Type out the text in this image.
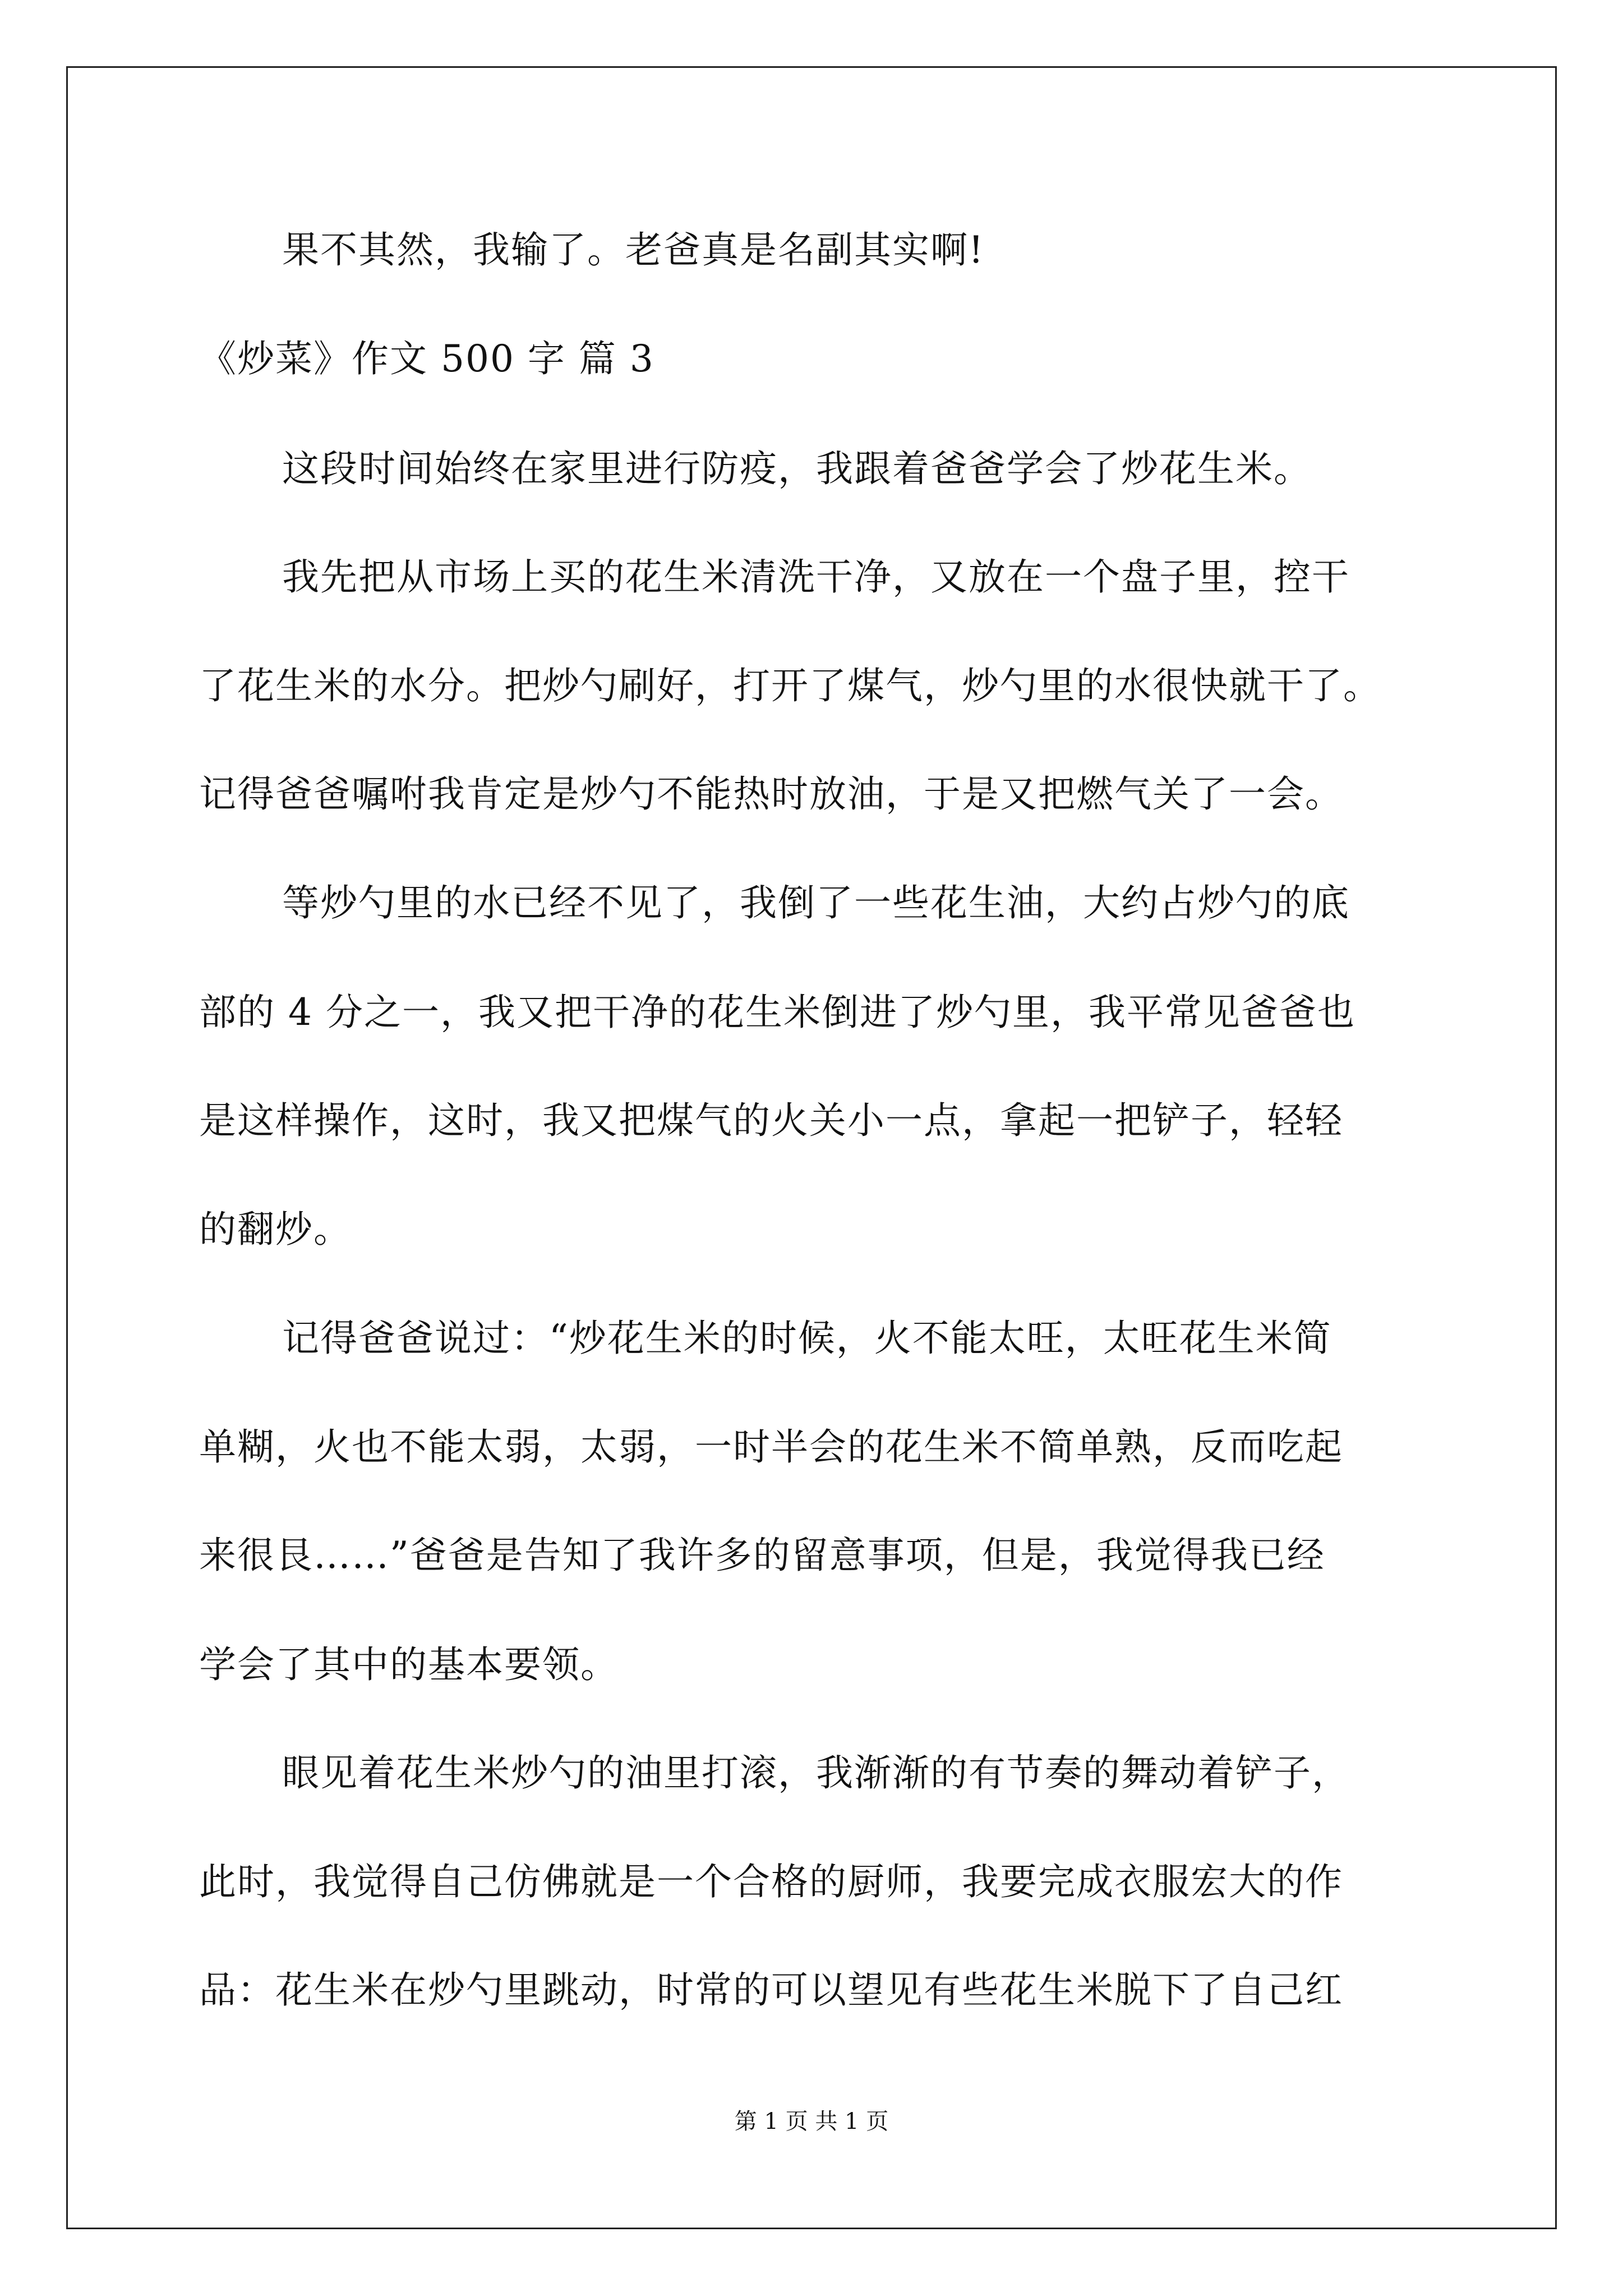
果不其然，我输了。老爸真是名副其实啊!
《炒菜》作文 500 字 篇 3
这段时间始终在家里进行防疫，我跟着爸爸学会了炒花生米。
我先把从市场上买的花生米清洗干净，又放在一个盘子里，控干
了花生米的水分。把炒勺刷好，打开了煤气，炒勺里的水很快就干了。
记得爸爸嘱咐我肯定是炒勺不能热时放油，于是又把燃气关了一会。
等炒勺里的水已经不见了，我倒了一些花生油，大约占炒勺的底
部的 4 分之一，我又把干净的花生米倒进了炒勺里，我平常见爸爸也
是这样操作，这时，我又把煤气的火关小一点，拿起一把铲子，轻轻
的翻炒。
记得爸爸说过：“炒花生米的时候，火不能太旺，太旺花生米简
单糊，火也不能太弱，太弱，一时半会的花生米不简单熟，反而吃起
来很艮……”爸爸是告知了我许多的留意事项，但是，我觉得我已经
学会了其中的基本要领。
眼见着花生米炒勺的油里打滚，我渐渐的有节奏的舞动着铲子，
此时，我觉得自己仿佛就是一个合格的厨师，我要完成衣服宏大的作
品：花生米在炒勺里跳动，时常的可以望见有些花生米脱下了自己红
第 1 页 共 1 页
